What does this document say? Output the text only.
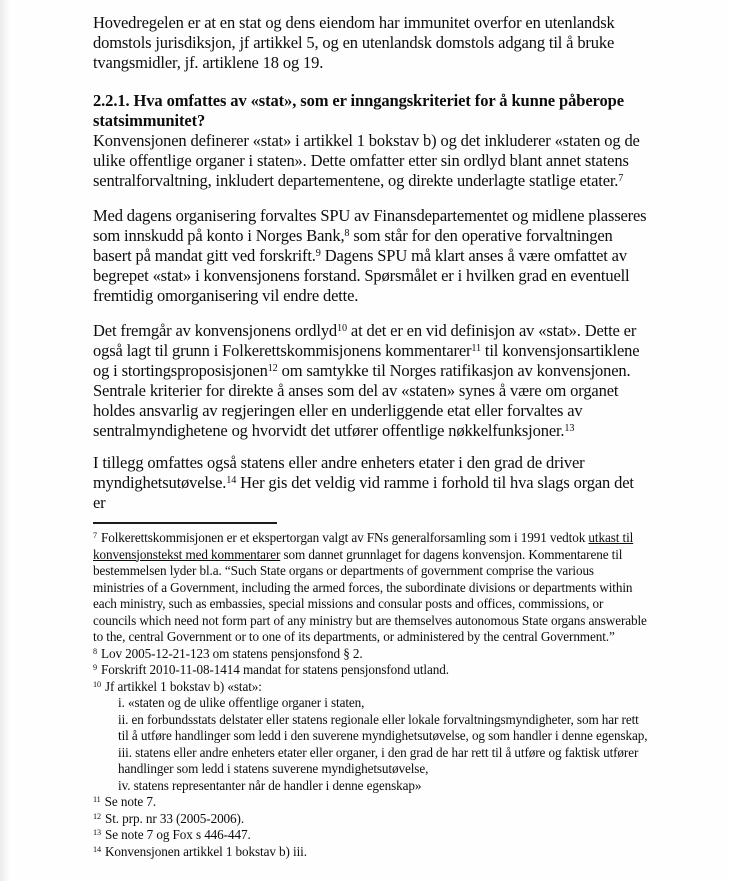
Hovedregelen er at en stat og dens eiendom har immunitet overfor en utenlandsk domstols jurisdiksjon, jf artikkel 5, og en utenlandsk domstols adgang til å bruke tvangsmidler, jf. artiklene 18 og 19.

2.2.1. Hva omfattes av «stat», som er inngangskriteriet for å kunne påberope statsimmunitet?

Konvensjonen definerer «stat» i artikkel 1 bokstav b) og det inkluderer «staten og de ulike offentlige organer i staten». Dette omfatter etter sin ordlyd blant annet statens sentralforvaltning, inkludert departementene, og direkte underlagte statlige etater.$^7$

Med dagens organisering forvaltes SPU av Finansdepartementet og midlene plasseres som innskudd på konto i Norges Bank,$^8$ som står for den operative forvaltningen basert på mandat gitt ved forskrift.$^9$ Dagens SPU må klart anses å være omfattet av begrepet «stat» i konvensjonens forstand. Spørsmålet er i hvilken grad en eventuell fremtidig omorganisering vil endre dette.

Det fremgår av konvensjonens ordlyd$^{10}$ at det er en vid definisjon av «stat». Dette er også lagt til grunn i Folkerettskommisjonens kommentarer$^{11}$ til konvensjonsartiklene og i stortingsproposisjonen$^{12}$ om samtykke til Norges ratifikasjon av konvensjonen. Sentrale kriterier for direkte å anses som del av «staten» synes å være om organet holdes ansvarlig av regjeringen eller en underliggende etat eller forvaltes av sentralmyndighetene og hvorvidt det utfører offentlige nøkkelfunksjoner.$^{13}$

I tillegg omfattes også statens eller andre enheters etater i den grad de driver myndighetsutøvelse.$^{14}$ Her gis det veldig vid ramme i forhold til hva slags organ det er

$^7$ Folkerettskommisjonen er et ekspertorgan valgt av FNs generalforsamling som i 1991 vedtok utkast til konvensjonstekst med kommentarer som dannet grunnlaget for dagens konvensjon. Kommentarene til bestemmelsen lyder bl.a. “Such State organs or departments of government comprise the various ministries of a Government, including the armed forces, the subordinate divisions or departments within each ministry, such as embassies, special missions and consular posts and offices, commissions, or councils which need not form part of any ministry but are themselves autonomous State organs answerable to the, central Government or to one of its departments, or administered by the central Government.”
$^8$ Lov 2005-12-21-123 om statens pensjonsfond § 2.
$^9$ Forskrift 2010-11-08-1414 mandat for statens pensjonsfond utland.
$^{10}$ Jf artikkel 1 bokstav b) «stat»:
i. «staten og de ulike offentlige organer i staten,
ii. en forbundsstats delstater eller statens regionale eller lokale forvaltningsmyndigheter, som har rett til å utføre handlinger som ledd i den suverene myndighetsutøvelse, og som handler i denne egenskap,
iii. statens eller andre enheters etater eller organer, i den grad de har rett til å utføre og faktisk utfører handlinger som ledd i statens suverene myndighetsutøvelse,
iv. statens representanter når de handler i denne egenskap»
$^{11}$ Se note 7.
$^{12}$ St. prp. nr 33 (2005-2006).
$^{13}$ Se note 7 og Fox s 446-447.
$^{14}$ Konvensjonen artikkel 1 bokstav b) iii.
